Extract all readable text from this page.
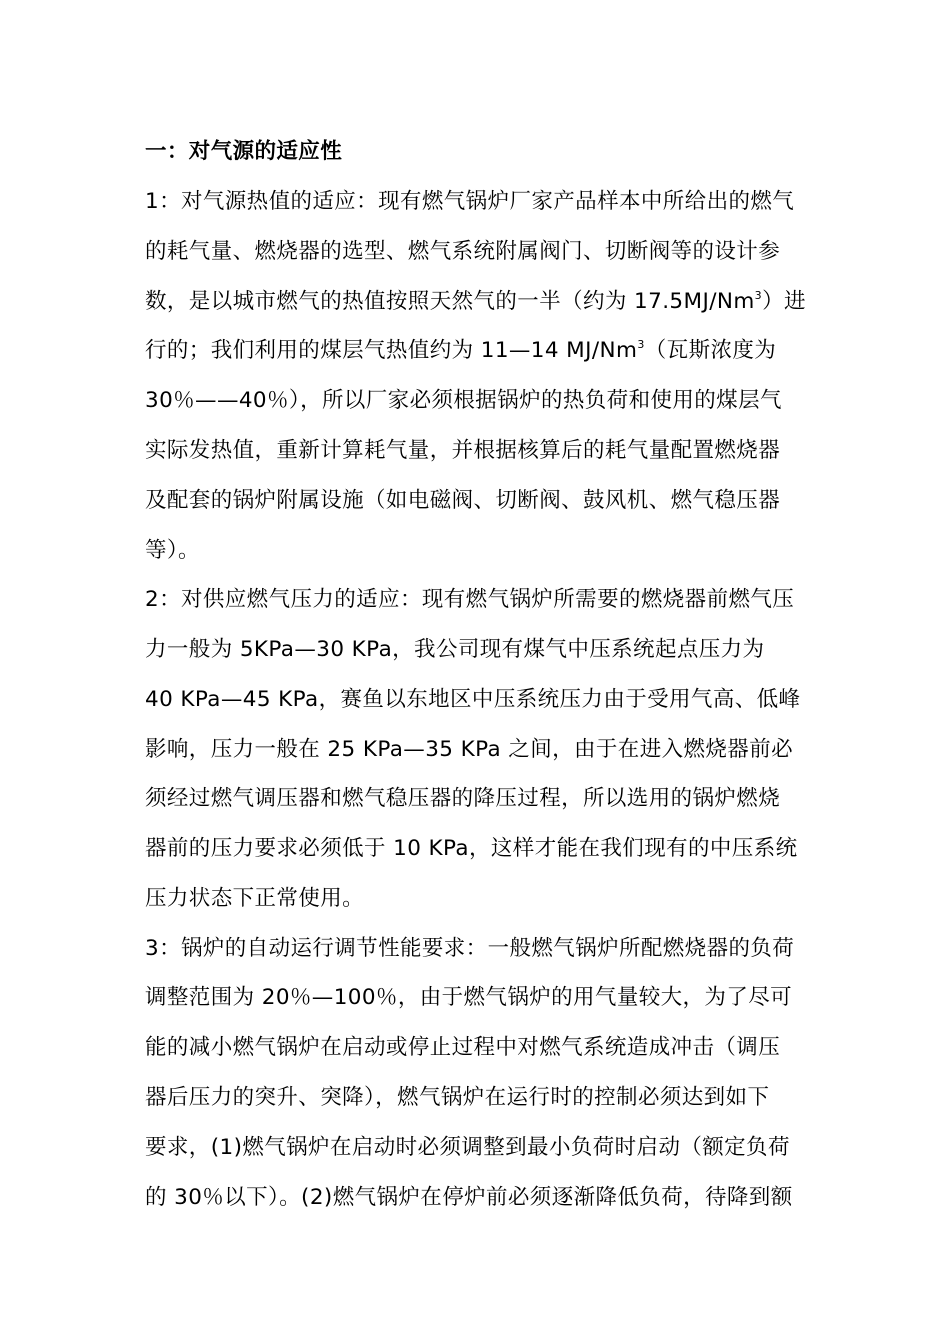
一：对气源的适应性
1：对气源热值的适应：现有燃气锅炉厂家产品样本中所给出的燃气
的耗气量、燃烧器的选型、燃气系统附属阀门、切断阀等的设计参
数，是以城市燃气的热值按照天然气的一半（约为 17.5MJ/Nm$^3$）进
行的；我们利用的煤层气热值约为 11—14 MJ/Nm$^3$（瓦斯浓度为
30％——40％），所以厂家必须根据锅炉的热负荷和使用的煤层气
实际发热值，重新计算耗气量，并根据核算后的耗气量配置燃烧器
及配套的锅炉附属设施（如电磁阀、切断阀、鼓风机、燃气稳压器
等）。
2：对供应燃气压力的适应：现有燃气锅炉所需要的燃烧器前燃气压
力一般为 5KPa—30 KPa，我公司现有煤气中压系统起点压力为
40 KPa—45 KPa，赛鱼以东地区中压系统压力由于受用气高、低峰
影响，压力一般在 25 KPa—35 KPa 之间，由于在进入燃烧器前必
须经过燃气调压器和燃气稳压器的降压过程，所以选用的锅炉燃烧
器前的压力要求必须低于 10 KPa，这样才能在我们现有的中压系统
压力状态下正常使用。
3：锅炉的自动运行调节性能要求：一般燃气锅炉所配燃烧器的负荷
调整范围为 20％—100％，由于燃气锅炉的用气量较大，为了尽可
能的减小燃气锅炉在启动或停止过程中对燃气系统造成冲击（调压
器后压力的突升、突降），燃气锅炉在运行时的控制必须达到如下
要求，(1)燃气锅炉在启动时必须调整到最小负荷时启动（额定负荷
的 30％以下）。(2)燃气锅炉在停炉前必须逐渐降低负荷，待降到额
